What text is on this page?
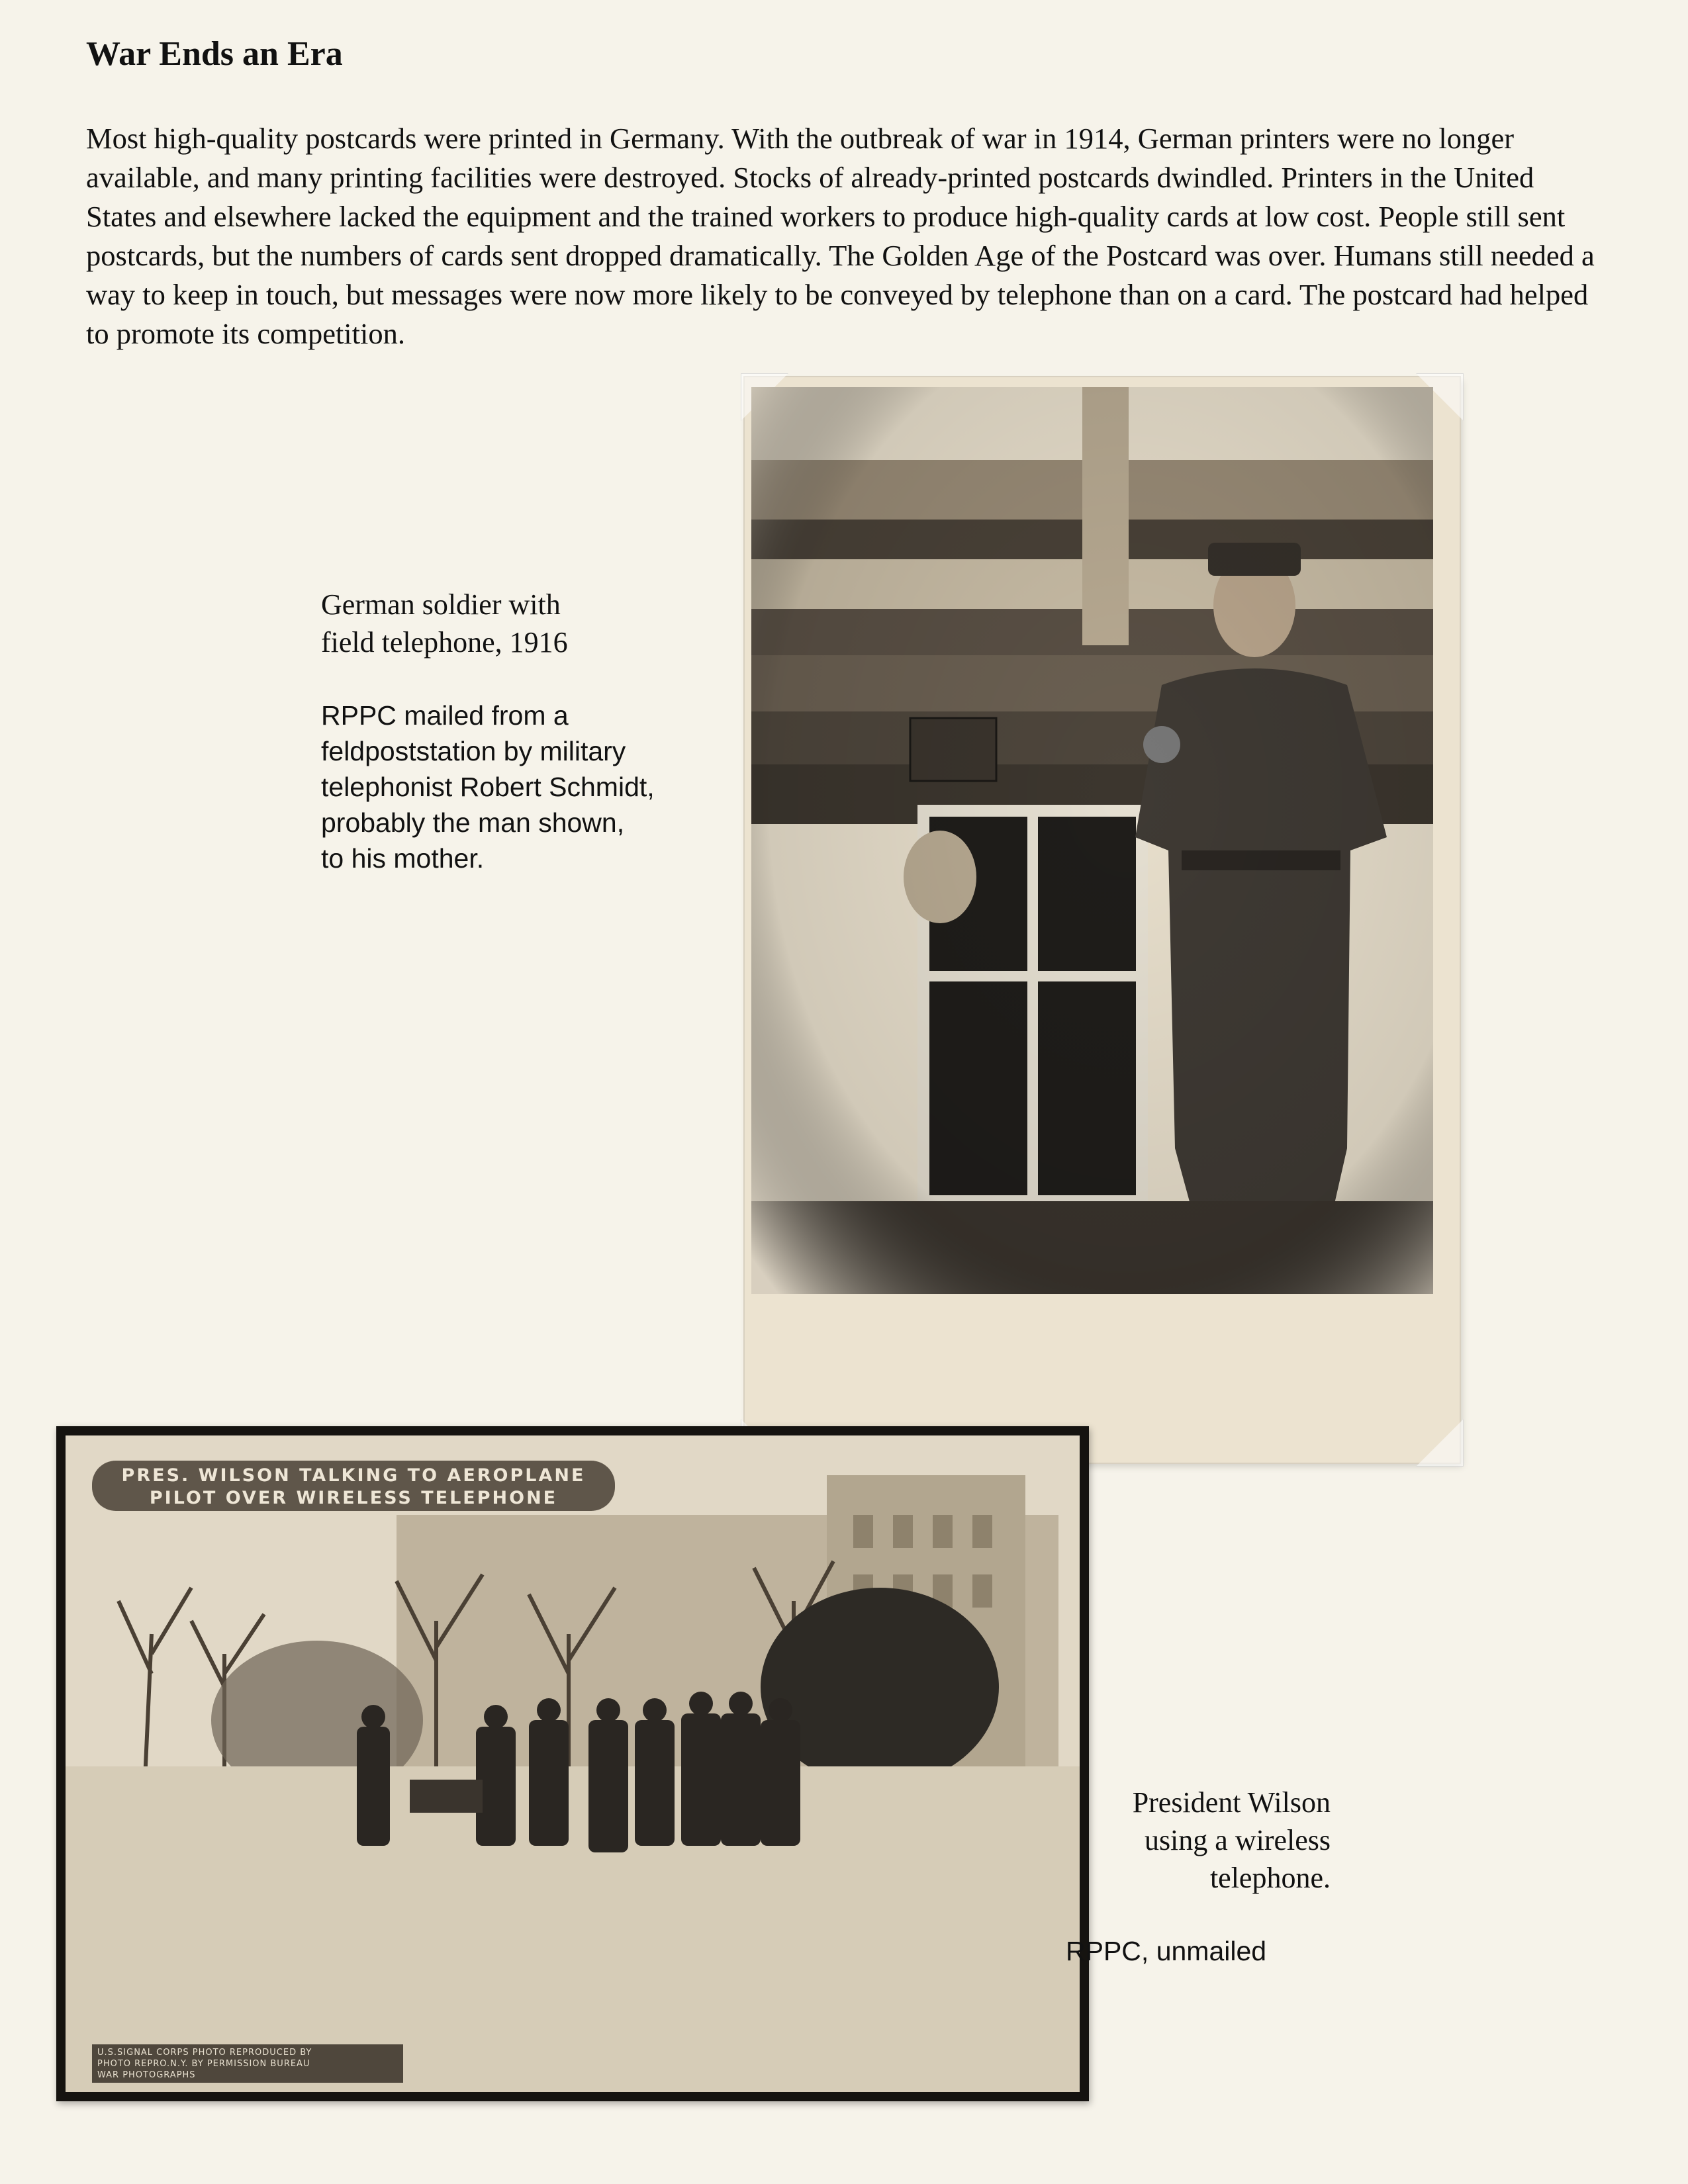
War Ends an Era

Most high-quality postcards were printed in Germany. With the outbreak of war in 1914, German printers were no longer available, and many printing facilities were destroyed. Stocks of already-printed postcards dwindled. Printers in the United States and elsewhere lacked the equipment and the trained workers to produce high-quality cards at low cost. People still sent postcards, but the numbers of cards sent dropped dramatically. The Golden Age of the Postcard was over. Humans still needed a way to keep in touch, but messages were now more likely to be conveyed by telephone than on a card. The postcard had helped to promote its competition.

German soldier with

field telephone, 1916

RPPC mailed from a

feldpoststation by military

telephonist Robert Schmidt,

probably the man shown,

to his mother.

PRES. WILSON TALKING TO AEROPLANE
PILOT OVER WIRELESS TELEPHONE
U.S.SIGNAL CORPS PHOTO REPRODUCED BY
PHOTO REPRO.N.Y. BY PERMISSION BUREAU
WAR PHOTOGRAPHS

President Wilson

using a wireless

telephone.

RPPC, unmailed
